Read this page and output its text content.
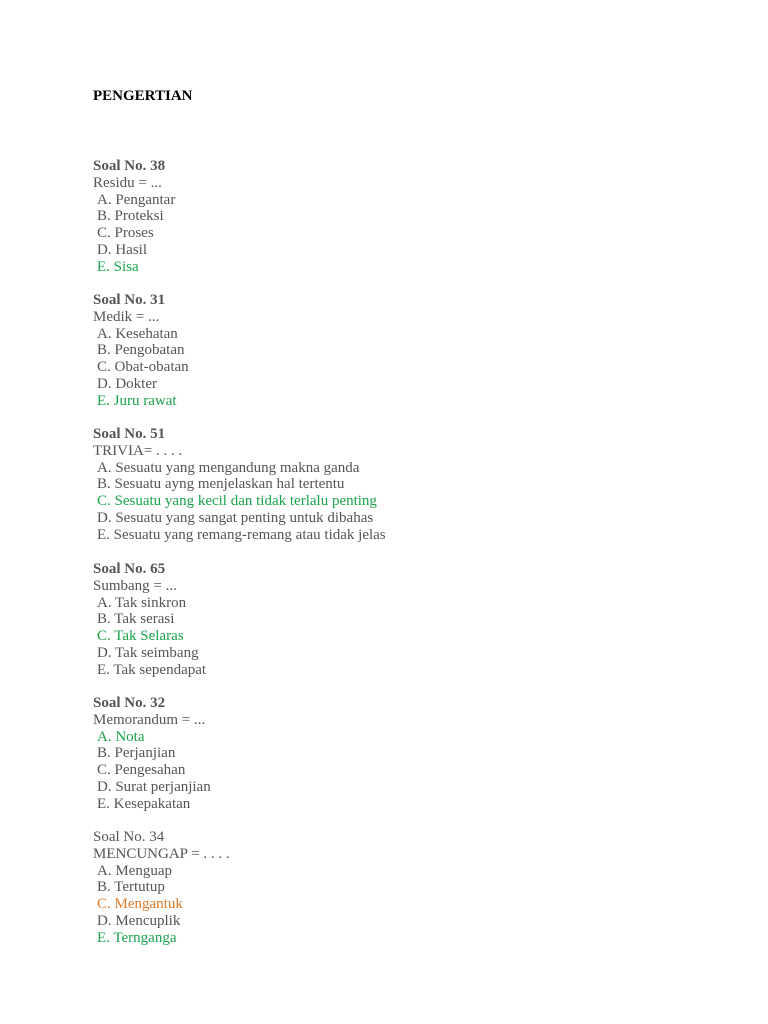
PENGERTIAN
Soal No. 38
Residu = ...
A. Pengantar
B. Proteksi
C. Proses
D. Hasil
E. Sisa
Soal No. 31
Medik = ...
A. Kesehatan
B. Pengobatan
C. Obat-obatan
D. Dokter
E. Juru rawat
Soal No. 51
TRIVIA= . . . .
A. Sesuatu yang mengandung makna ganda
B. Sesuatu ayng menjelaskan hal tertentu
C. Sesuatu yang kecil dan tidak terlalu penting
D. Sesuatu yang sangat penting untuk dibahas
E. Sesuatu yang remang-remang atau tidak jelas
Soal No. 65
Sumbang = ...
A. Tak sinkron
B. Tak serasi
C. Tak Selaras
D. Tak seimbang
E. Tak sependapat
Soal No. 32
Memorandum = ...
A. Nota
B. Perjanjian
C. Pengesahan
D. Surat perjanjian
E. Kesepakatan
Soal No. 34
MENCUNGAP = . . . .
A. Menguap
B. Tertutup
C. Mengantuk
D. Mencuplik
E. Ternganga
